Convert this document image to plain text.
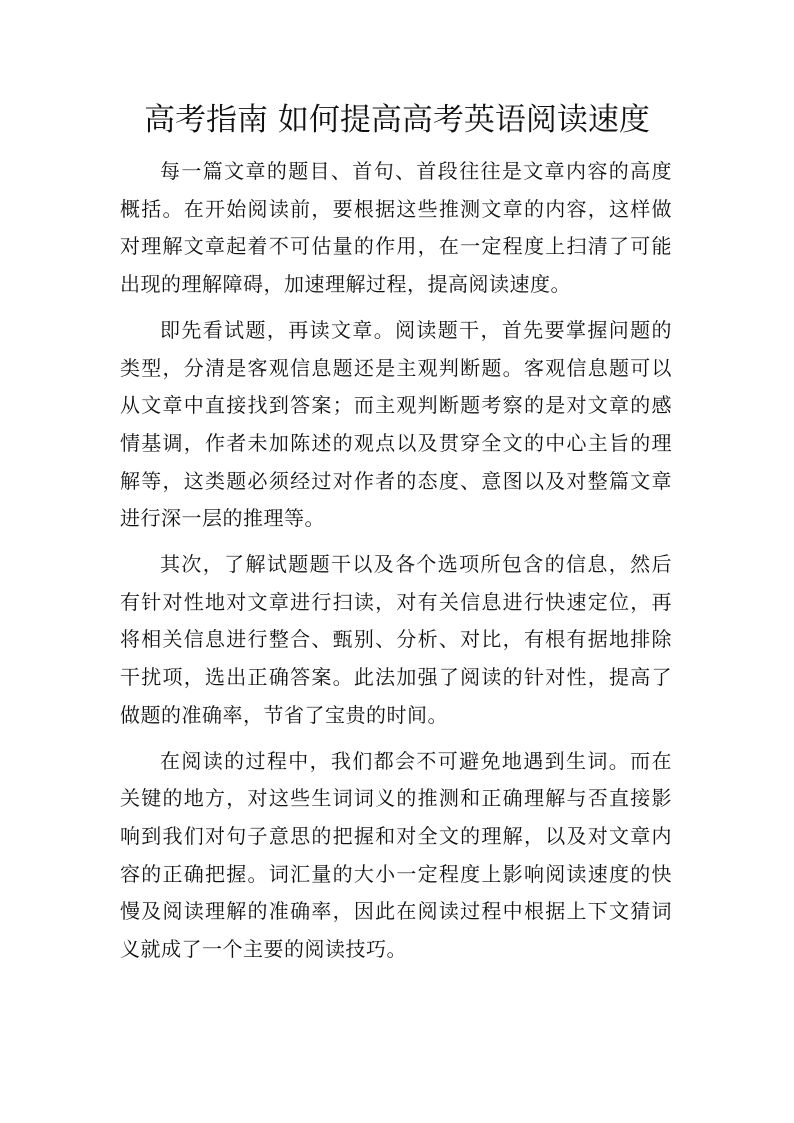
高考指南 如何提高高考英语阅读速度

每一篇文章的题目、首句、首段往往是文章内容的高度概括。在开始阅读前，要根据这些推测文章的内容，这样做对理解文章起着不可估量的作用，在一定程度上扫清了可能出现的理解障碍，加速理解过程，提高阅读速度。

即先看试题，再读文章。阅读题干，首先要掌握问题的类型，分清是客观信息题还是主观判断题。客观信息题可以从文章中直接找到答案；而主观判断题考察的是对文章的感情基调，作者未加陈述的观点以及贯穿全文的中心主旨的理解等，这类题必须经过对作者的态度、意图以及对整篇文章进行深一层的推理等。

其次，了解试题题干以及各个选项所包含的信息，然后有针对性地对文章进行扫读，对有关信息进行快速定位，再将相关信息进行整合、甄别、分析、对比，有根有据地排除干扰项，选出正确答案。此法加强了阅读的针对性，提高了做题的准确率，节省了宝贵的时间。

在阅读的过程中，我们都会不可避免地遇到生词。而在关键的地方，对这些生词词义的推测和正确理解与否直接影响到我们对句子意思的把握和对全文的理解，以及对文章内容的正确把握。词汇量的大小一定程度上影响阅读速度的快慢及阅读理解的准确率，因此在阅读过程中根据上下文猜词义就成了一个主要的阅读技巧。
